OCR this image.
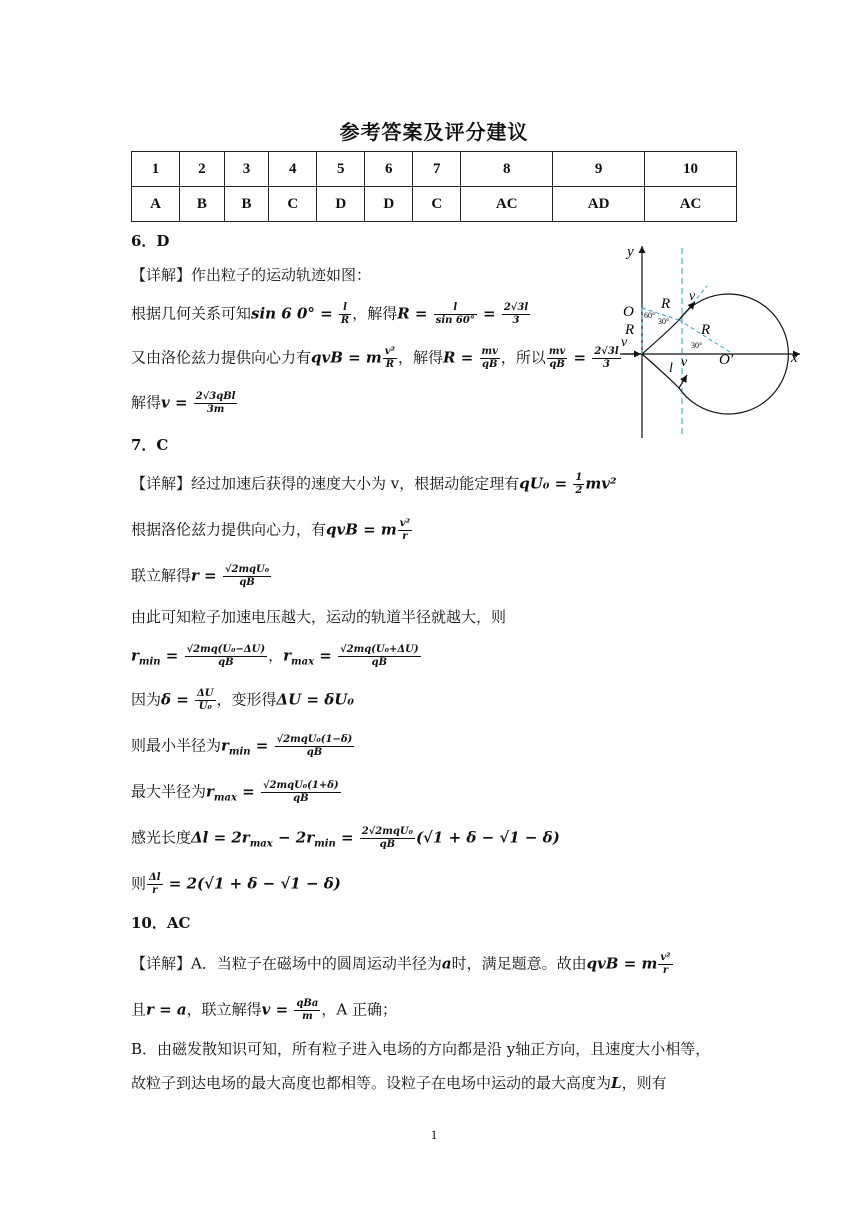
参考答案及评分建议
1	2	3	4	5	6	7	8	9	10
A	B	B	C	D	D	C	AC	AD	AC
6．D
【详解】作出粒子的运动轨迹如图：
根据几何关系可知sin 6 $0^\circ = \frac{l}{R}$ ，解得$R = \frac{l}{\sin 60^\circ} = \frac{2√3l}{3}$
又由洛伦兹力提供向心力有qvB = m $\frac{\text{v²}}{R}$ ，解得$R = \frac{mv}{qB}$ ，所以 $\frac{mv}{qB} = \frac{2√3l}{3}$
解得v = 2√3qBl
3m
y
x
O
O′
R
R	R
v
v
v
l
60°
30°
30°
7．C
【详解】经过加速后获得的速度大小为 v，根据动能定理有$qU_0 = \frac{1}{2} mv^2$
根据洛伦兹力提供向心力，有qvB = m $\frac{\text{v²}}{r}$
联立解得r = √2mqU₀
qB
由此可知粒子加速电压越大，运动的轨道半径就越大，则
$r_{min} = \frac{\text{√2mq(U₀−ΔU)}}{qB}$ ，$r_{max} = \frac{\text{√2mq(U₀+ΔU)}}{qB}$
因为$\delta = \frac{\Delta U}{\text{U₀}}$ ，变形得ΔU = δU₀
则最小半径为$r_{min} = √2mqU_0(1-\delta)$
qB
最大半径为$r_{max} = √2mqU_0(1+\delta)$
qB
感光长度$\Delta l = 2r_{max} - 2r_{min} = 2√2mqU_0$
qB	(√1 + δ − √1 − δ)
则 $\frac{\Delta l}{r} = 2(√1 + \delta - √1 - \delta)$
10．AC
【详解】A．当粒子在磁场中的圆周运动半径为a时，满足题意。故由qvB = m $\frac{\text{v²}}{r}$
且r = a，联立解得v = qBa
m ，A 正确；
B．由磁发散知识可知，所有粒子进入电场的方向都是沿 y轴正方向，且速度大小相等，
故粒子到达电场的最大高度也都相等。设粒子在电场中运动的最大高度为L，则有
1
